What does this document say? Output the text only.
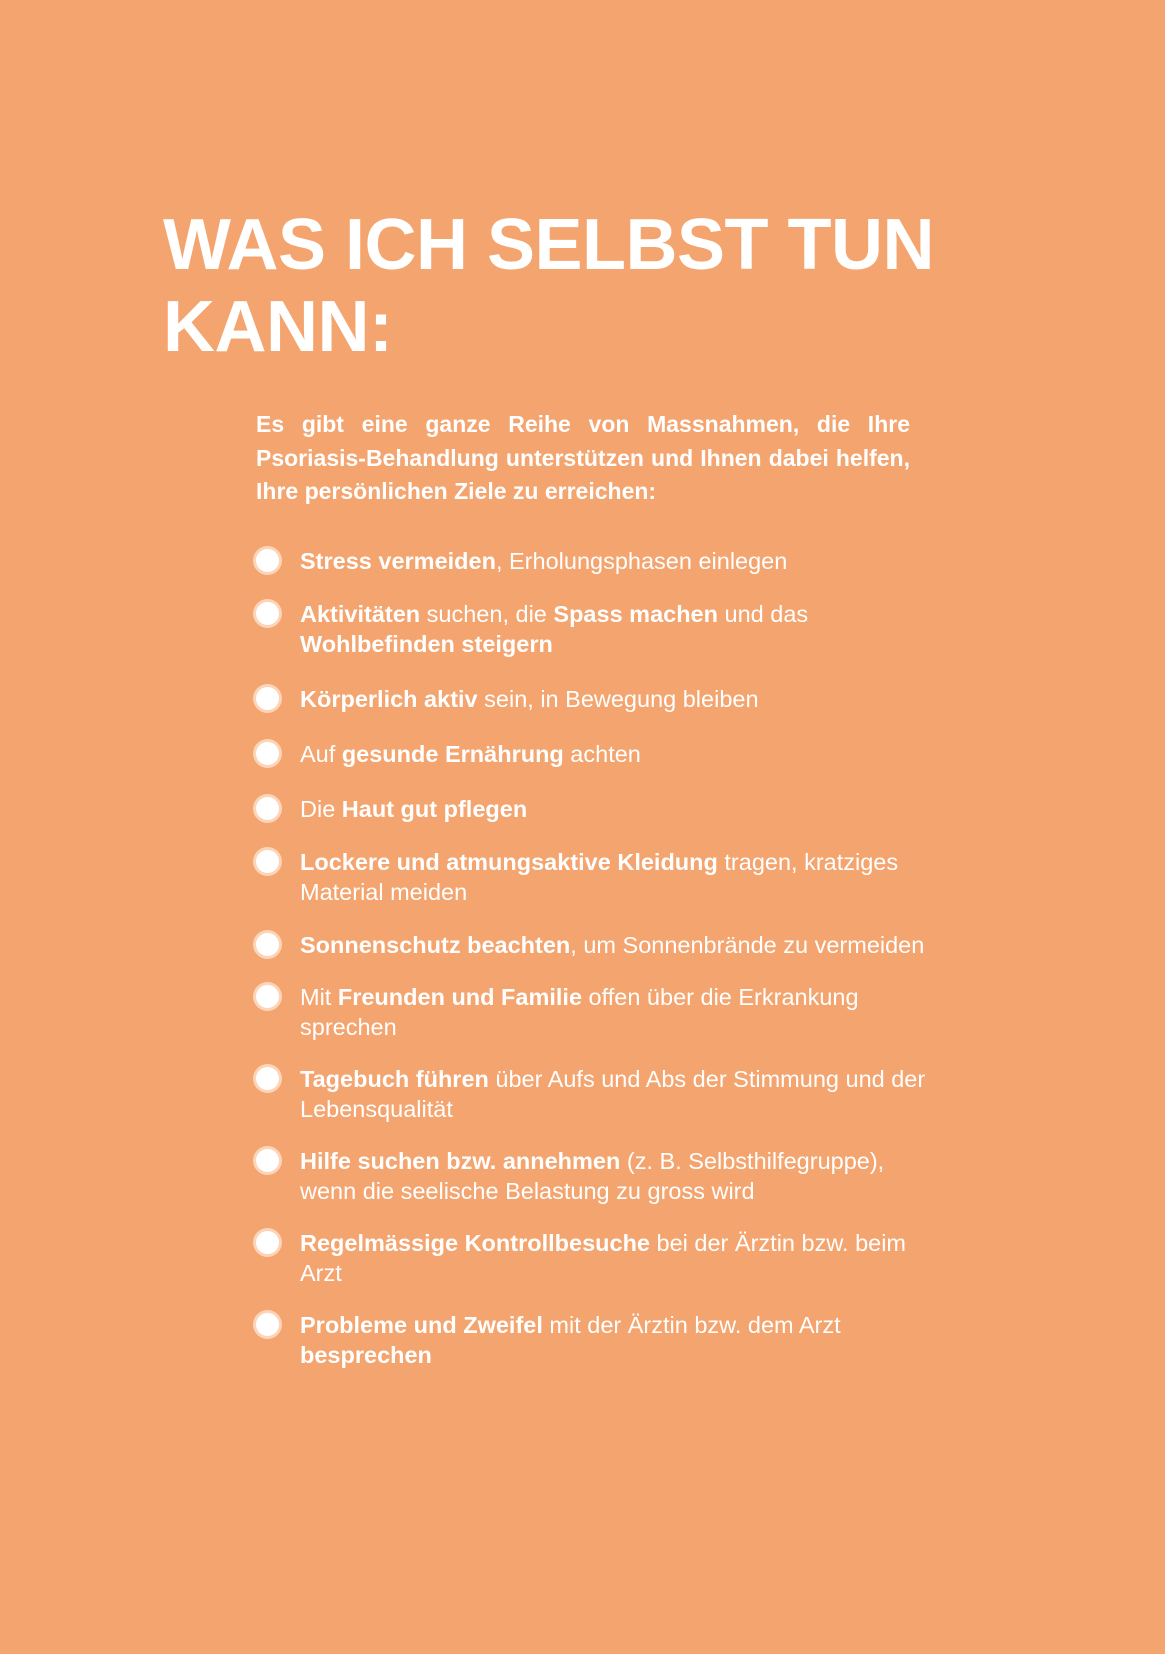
WAS ICH SELBST TUN
KANN:

Es gibt eine ganze Reihe von Massnahmen, die Ihre Psoriasis-Behandlung unterstützen und Ihnen dabei helfen, Ihre persönlichen Ziele zu erreichen:

Stress vermeiden, Erholungsphasen einlegen
Aktivitäten suchen, die Spass machen und das Wohlbefinden steigern
Körperlich aktiv sein, in Bewegung bleiben
Auf gesunde Ernährung achten
Die Haut gut pflegen
Lockere und atmungsaktive Kleidung tragen, kratziges Material meiden
Sonnenschutz beachten, um Sonnenbrände zu vermeiden
Mit Freunden und Familie offen über die Erkrankung sprechen
Tagebuch führen über Aufs und Abs der Stimmung und der Lebensqualität
Hilfe suchen bzw. annehmen (z. B. Selbsthilfegruppe), wenn die seelische Belastung zu gross wird
Regelmässige Kontrollbesuche bei der Ärztin bzw. beim Arzt
Probleme und Zweifel mit der Ärztin bzw. dem Arzt besprechen
